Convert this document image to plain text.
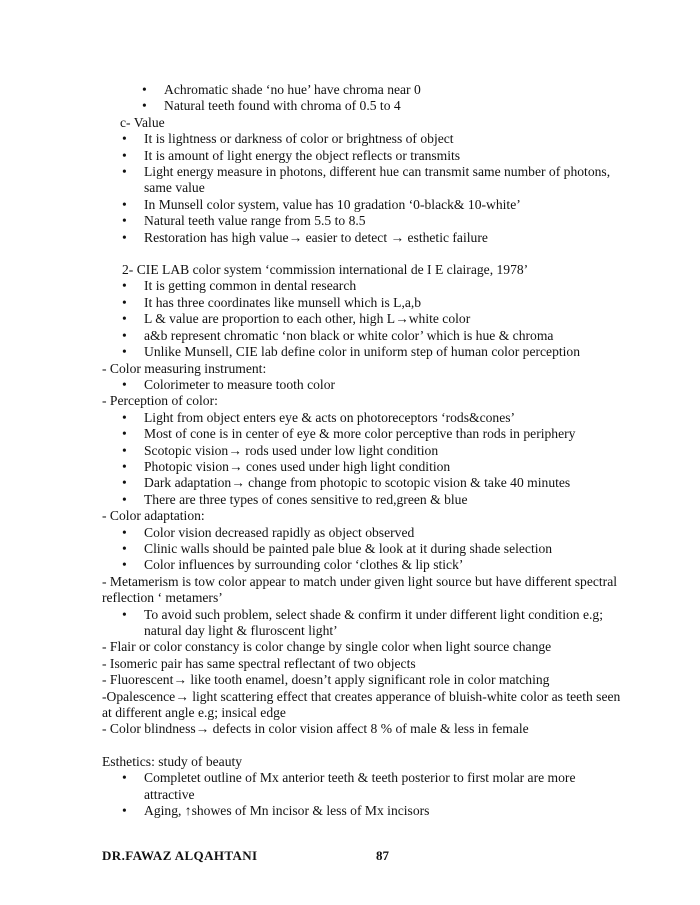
• Achromatic shade ‘no hue’ have chroma near 0
• Natural teeth found with chroma of 0.5 to 4
c- Value
• It is lightness or darkness of color or brightness of object
• It is amount of light energy the object reflects or transmits
• Light energy measure in photons, different hue can transmit same number of photons, same value
• In Munsell color system, value has 10 gradation ‘0-black& 10-white’
• Natural teeth value range from 5.5 to 8.5
• Restoration has high value→ easier to detect → esthetic failure
2- CIE LAB color system ‘commission international de I E clairage, 1978’
• It is getting common in dental research
• It has three coordinates like munsell which is L,a,b
• L & value are proportion to each other, high L→white color
• a&b represent chromatic ‘non black or white color’ which is hue & chroma
• Unlike Munsell, CIE lab define color in uniform step of human color perception
- Color measuring instrument:
• Colorimeter to measure tooth color
- Perception of color:
• Light from object enters eye & acts on photoreceptors ‘rods&cones’
• Most of cone is in center of eye & more color perceptive than rods in periphery
• Scotopic vision→ rods used under low light condition
• Photopic vision→ cones used under high light condition
• Dark adaptation→ change from photopic to scotopic vision & take 40 minutes
• There are three types of cones sensitive to red,green & blue
- Color adaptation:
• Color vision decreased rapidly as object observed
• Clinic walls should be painted pale blue & look at it during shade selection
• Color influences by surrounding color ‘clothes & lip stick’
- Metamerism is tow color appear to match under given light source but have different spectral reflection ‘ metamers’
• To avoid such problem, select shade & confirm it under different light condition e.g; natural day light & fluroscent light’
- Flair or color constancy is color change by single color when light source change
- Isomeric pair has same spectral reflectant of two objects
- Fluorescent→ like tooth enamel, doesn’t apply significant role in color matching
-Opalescence→ light scattering effect that creates apperance of bluish-white color as teeth seen at different angle e.g; insical edge
- Color blindness→ defects in color vision affect 8 % of male & less in female
Esthetics: study of beauty
• Completet outline of Mx anterior teeth & teeth posterior to first molar are more attractive
• Aging, ↑showes of Mn incisor & less of Mx incisors
DR.FAWAZ ALQAHTANI	87
